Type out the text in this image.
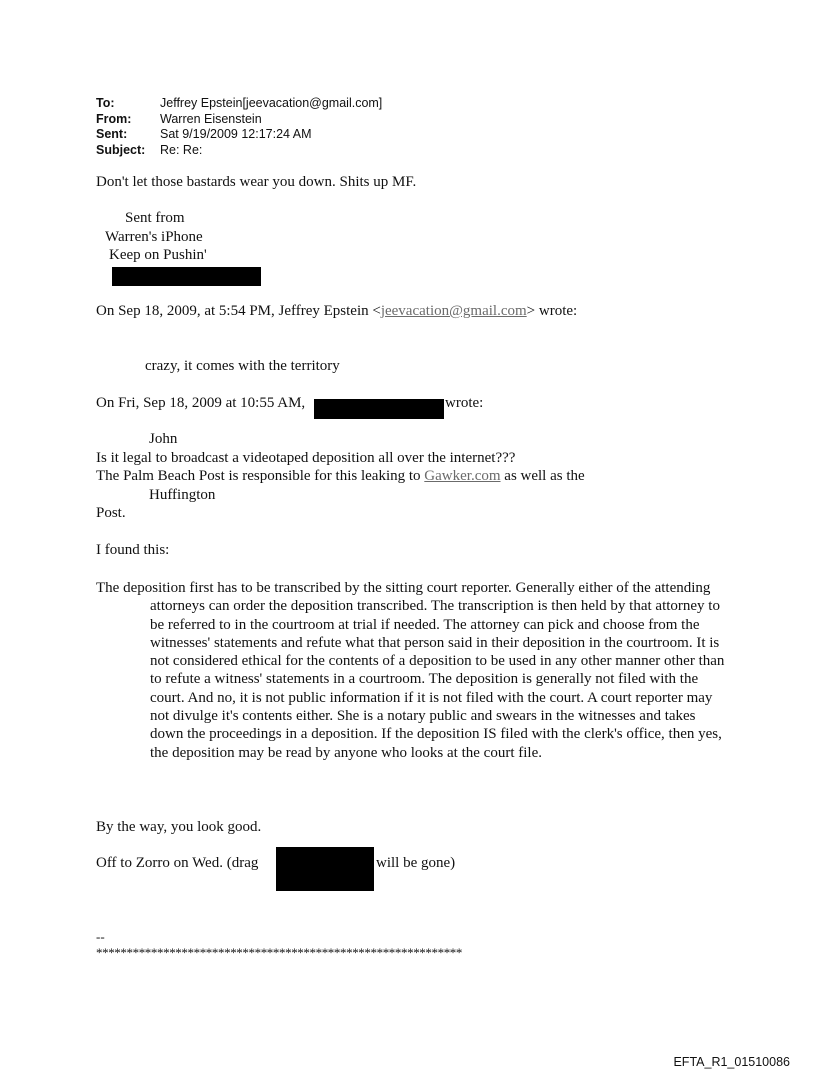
To:	Jeffrey Epstein[jeevacation@gmail.com]
From:	Warren Eisenstein
Sent:	Sat 9/19/2009 12:17:24 AM
Subject:	Re: Re:
Don't let those bastards wear you down. Shits up MF.
Sent from
Warren's iPhone
Keep on Pushin'
On Sep 18, 2009, at 5:54 PM, Jeffrey Epstein <jeevacation@gmail.com> wrote:
crazy, it comes with the territory
On Fri, Sep 18, 2009 at 10:55 AM,	wrote:
John
Is it legal to broadcast a videotaped deposition all over the internet???
The Palm Beach Post is responsible for this leaking to Gawker.com as well as the
Huffington
Post.
I found this:
The deposition first has to be transcribed by the sitting court reporter. Generally either of the attending attorneys can order the deposition transcribed. The transcription is then held by that attorney to be referred to in the courtroom at trial if needed. The attorney can pick and choose from the witnesses' statements and refute what that person said in their deposition in the courtroom. It is not considered ethical for the contents of a deposition to be used in any other manner other than to refute a witness' statements in a courtroom. The deposition is generally not filed with the court. And no, it is not public information if it is not filed with the court. A court reporter may not divulge it's contents either. She is a notary public and swears in the witnesses and takes down the proceedings in a deposition. If the deposition IS filed with the clerk's office, then yes, the deposition may be read by anyone who looks at the court file.
By the way, you look good.
Off to Zorro on Wed. (drag	will be gone)
--
************************************************************
EFTA_R1_01510086
